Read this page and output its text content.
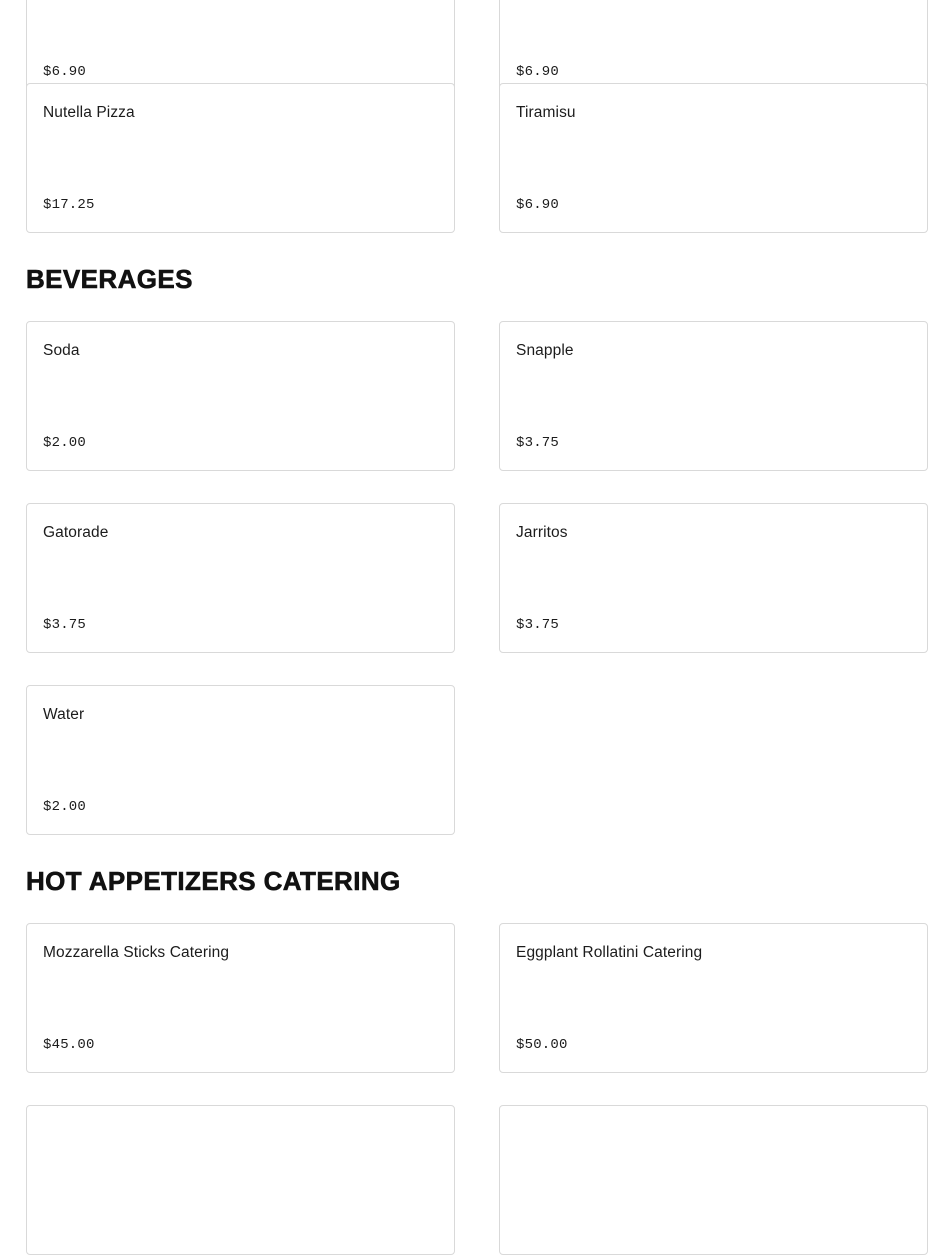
$6.90	$6.90
Nutella Pizza
$17.25
Tiramisu
$6.90
BEVERAGES
Soda
$2.00
Snapple
$3.75
Gatorade
$3.75
Jarritos
$3.75
Water
$2.00
HOT APPETIZERS CATERING
Mozzarella Sticks Catering
$45.00
Eggplant Rollatini Catering
$50.00
